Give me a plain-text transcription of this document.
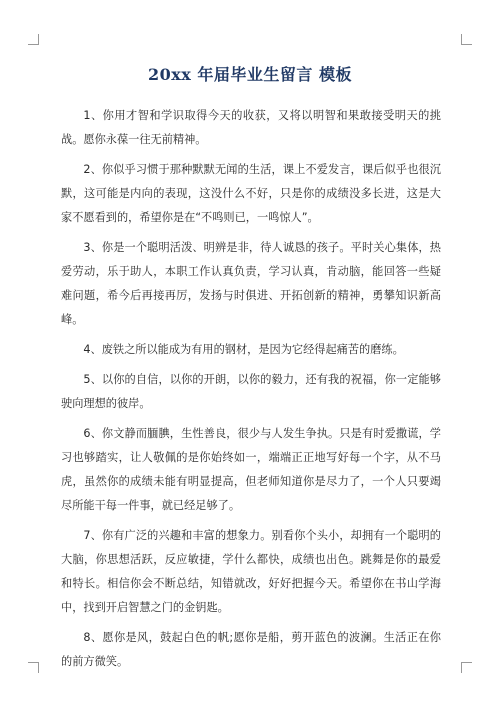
20xx 年届毕业生留言 模板

1、你用才智和学识取得今天的收获，又将以明智和果敢接受明天的挑战。愿你永葆一往无前精神。

2、你似乎习惯于那种默默无闻的生活，课上不爱发言，课后似乎也很沉默，这可能是内向的表现，这没什么不好，只是你的成绩没多长进，这是大家不愿看到的，希望你是在“不鸣则已，一鸣惊人”。

3、你是一个聪明活泼、明辨是非，待人诚恳的孩子。平时关心集体，热爱劳动，乐于助人，本职工作认真负责，学习认真，肯动脑，能回答一些疑难问题，希今后再接再厉，发扬与时俱进、开拓创新的精神，勇攀知识新高峰。

4、废铁之所以能成为有用的钢材，是因为它经得起痛苦的磨练。

5、以你的自信，以你的开朗，以你的毅力，还有我的祝福，你一定能够驶向理想的彼岸。

6、你文静而腼腆，生性善良，很少与人发生争执。只是有时爱撒谎，学习也够踏实，让人敬佩的是你始终如一，端端正正地写好每一个字，从不马虎，虽然你的成绩未能有明显提高，但老师知道你是尽力了，一个人只要竭尽所能干每一件事，就已经足够了。

7、你有广泛的兴趣和丰富的想象力。别看你个头小，却拥有一个聪明的大脑，你思想活跃，反应敏捷，学什么都快，成绩也出色。跳舞是你的最爱和特长。相信你会不断总结，知错就改，好好把握今天。希望你在书山学海中，找到开启智慧之门的金钥匙。

8、愿你是风，鼓起白色的帆;愿你是船，剪开蓝色的波澜。生活正在你的前方微笑。
